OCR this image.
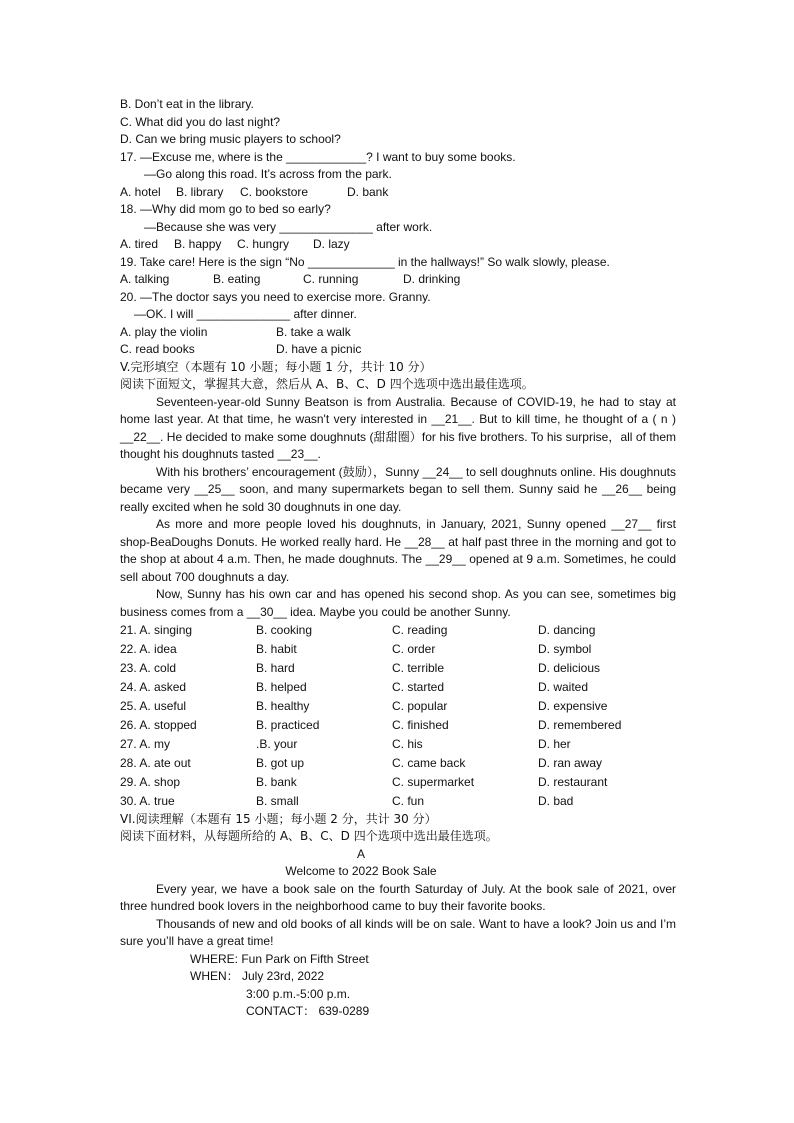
B. Don’t eat in the library.
C. What did you do last night?
D. Can we bring music players to school?
17. —Excuse me, where is the ____________? I want to buy some books.
—Go along this road. It’s across from the park.
A. hotel	B. library	C. bookstore	D. bank
18. —Why did mom go to bed so early?
—Because she was very ______________ after work.
A. tired	B. happy	C. hungry	D. lazy
19. Take care! Here is the sign “No _____________ in the hallways!” So walk slowly, please.
A. talking	B. eating	C. running	D. drinking
20. —The doctor says you need to exercise more. Granny.
—OK. I will ______________ after dinner.
A. play the violin	B. take a walk
C. read books	D. have a picnic
V.完形填空（本题有 10 小题；每小题 1 分，共计 10 分）
阅读下面短文，掌握其大意，然后从 A、B、C、D 四个选项中选出最佳选项。
Seventeen-year-old Sunny Beatson is from Australia. Because of COVID-19, he had to stay at home last year. At that time, he wasn't very interested in __21__. But to kill time, he thought of a ( n ) __22__. He decided to make some doughnuts (甜甜圈）for his five brothers. To his surprise，all of them thought his doughnuts tasted __23__.
With his brothers’ encouragement (鼓励），Sunny __24__ to sell doughnuts online. His doughnuts became very __25__ soon, and many supermarkets began to sell them. Sunny said he __26__ being really excited when he sold 30 doughnuts in one day.
As more and more people loved his doughnuts, in January, 2021, Sunny opened __27__ first shop-BeaDoughs Donuts. He worked really hard. He __28__ at half past three in the morning and got to the shop at about 4 a.m. Then, he made doughnuts. The __29__ opened at 9 a.m. Sometimes, he could sell about 700 doughnuts a day.
Now, Sunny has his own car and has opened his second shop. As you can see, sometimes big business comes from a __30__ idea. Maybe you could be another Sunny.
21. A. singing	B. cooking	C. reading	D. dancing
22. A. idea	B. habit	C. order	D. symbol
23. A. cold	B. hard	C. terrible	D. delicious
24. A. asked	B. helped	C. started	D. waited
25. A. useful	B. healthy	C. popular	D. expensive
26. A. stopped	B. practiced	C. finished	D. remembered
27. A. my	.B. your	C. his	D. her
28. A. ate out	B. got up	C. came back	D. ran away
29. A. shop	B. bank	C. supermarket	D. restaurant
30. A. true	B. small	C. fun	D. bad
VI.阅读理解（本题有 15 小题；每小题 2 分，共计 30 分）
阅读下面材料，从每题所给的 A、B、C、D 四个选项中选出最佳选项。
A
Welcome to 2022 Book Sale
Every year, we have a book sale on the fourth Saturday of July. At the book sale of 2021, over three hundred book lovers in the neighborhood came to buy their favorite books.
Thousands of new and old books of all kinds will be on sale. Want to have a look? Join us and I’m sure you’ll have a great time!
WHERE: Fun Park on Fifth Street
WHEN： July 23rd, 2022
3:00 p.m.-5:00 p.m.
CONTACT： 639-0289
